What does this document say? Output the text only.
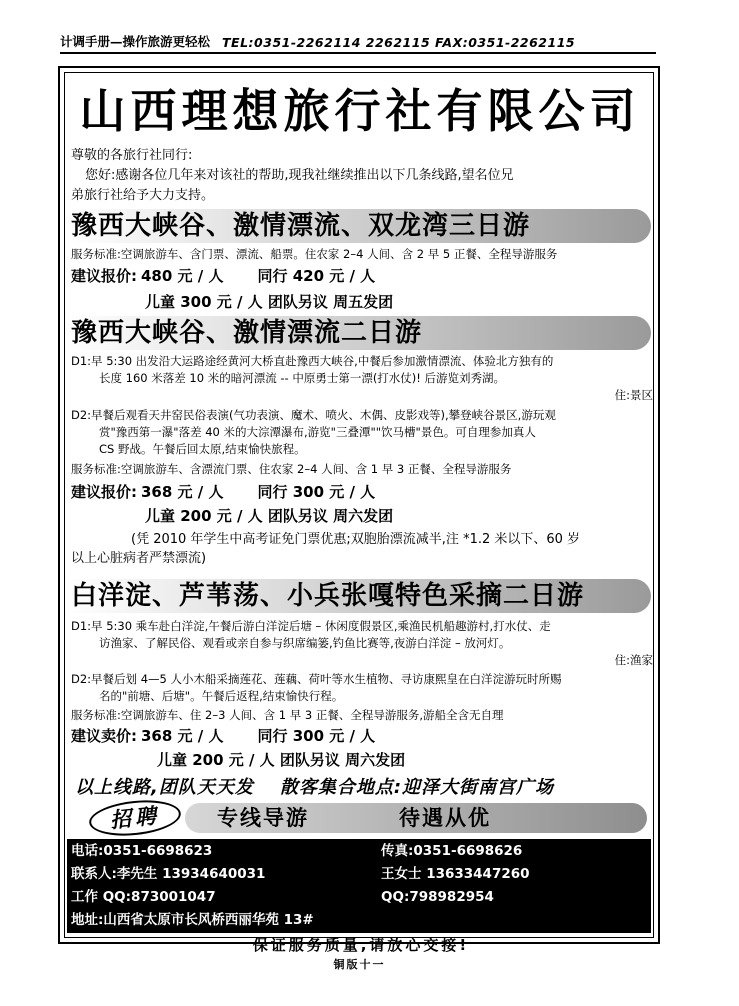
计调手册—操作旅游更轻松 TEL:0351-2262114 2262115 FAX:0351-2262115
山西理想旅行社有限公司
尊敬的各旅行社同行:
您好:感谢各位几年来对该社的帮助,现我社继续推出以下几条线路,望名位兄
弟旅行社给予大力支持。
豫西大峡谷、激情漂流、双龙湾三日游
服务标准:空调旅游车、含门票、漂流、船票。住农家 2–4 人间、含 2 早 5 正餐、全程导游服务
建议报价: 480 元 / 人 同行 420 元 / 人
儿童 300 元 / 人 团队另议 周五发团
豫西大峡谷、激情漂流二日游
D1:早 5:30 出发沿大运路途经黄河大桥直赴豫西大峡谷,中餐后参加激情漂流、体验北方独有的
长度 160 米落差 10 米的暗河漂流 -- 中原勇士第一漂(打水仗)! 后游览刘秀湖。
住:景区
D2:早餐后观看天井窑民俗表演(气功表演、魔术、喷火、木偶、皮影戏等),攀登峡谷景区,游玩观
赏"豫西第一瀑"落差 40 米的大淙潭瀑布,游览"三叠潭""饮马槽"景色。可自理参加真人
CS 野战。午餐后回太原,结束愉快旅程。
服务标准:空调旅游车、含漂流门票、住农家 2–4 人间、含 1 早 3 正餐、全程导游服务
建议报价: 368 元 / 人 同行 300 元 / 人
儿童 200 元 / 人 团队另议 周六发团
(凭 2010 年学生中高考证免门票优惠;双胞胎漂流减半,注 *1.2 米以下、60 岁
以上心脏病者严禁漂流)
白洋淀、芦苇荡、小兵张嘎特色采摘二日游
D1:早 5:30 乘车赴白洋淀,午餐后游白洋淀后塘 – 休闲度假景区,乘渔民机船趣游村,打水仗、走
访渔家、了解民俗、观看或亲自参与织席编篓,钓鱼比赛等,夜游白洋淀 – 放河灯。
住:渔家
D2:早餐后划 4—5 人小木船采摘莲花、莲藕、荷叶等水生植物、寻访康熙皇在白洋淀游玩时所赐
名的"前塘、后塘"。午餐后返程,结束愉快行程。
服务标准:空调旅游车、住 2–3 人间、含 1 早 3 正餐、全程导游服务,游船全含无自理
建议卖价: 368 元 / 人 同行 300 元 / 人
儿童 200 元 / 人 团队另议 周六发团
以上线路,团队天天发 散客集合地点:迎泽大街南宫广场
招聘	专线导游	待遇从优
电话:0351-6698623	传真:0351-6698626
联系人:李先生 13934640031	王女士 13633447260
工作 QQ:873001047	QQ:798982954
地址:山西省太原市长风桥西丽华苑 13#
保证服务质量,请放心交接!
铜版十一
